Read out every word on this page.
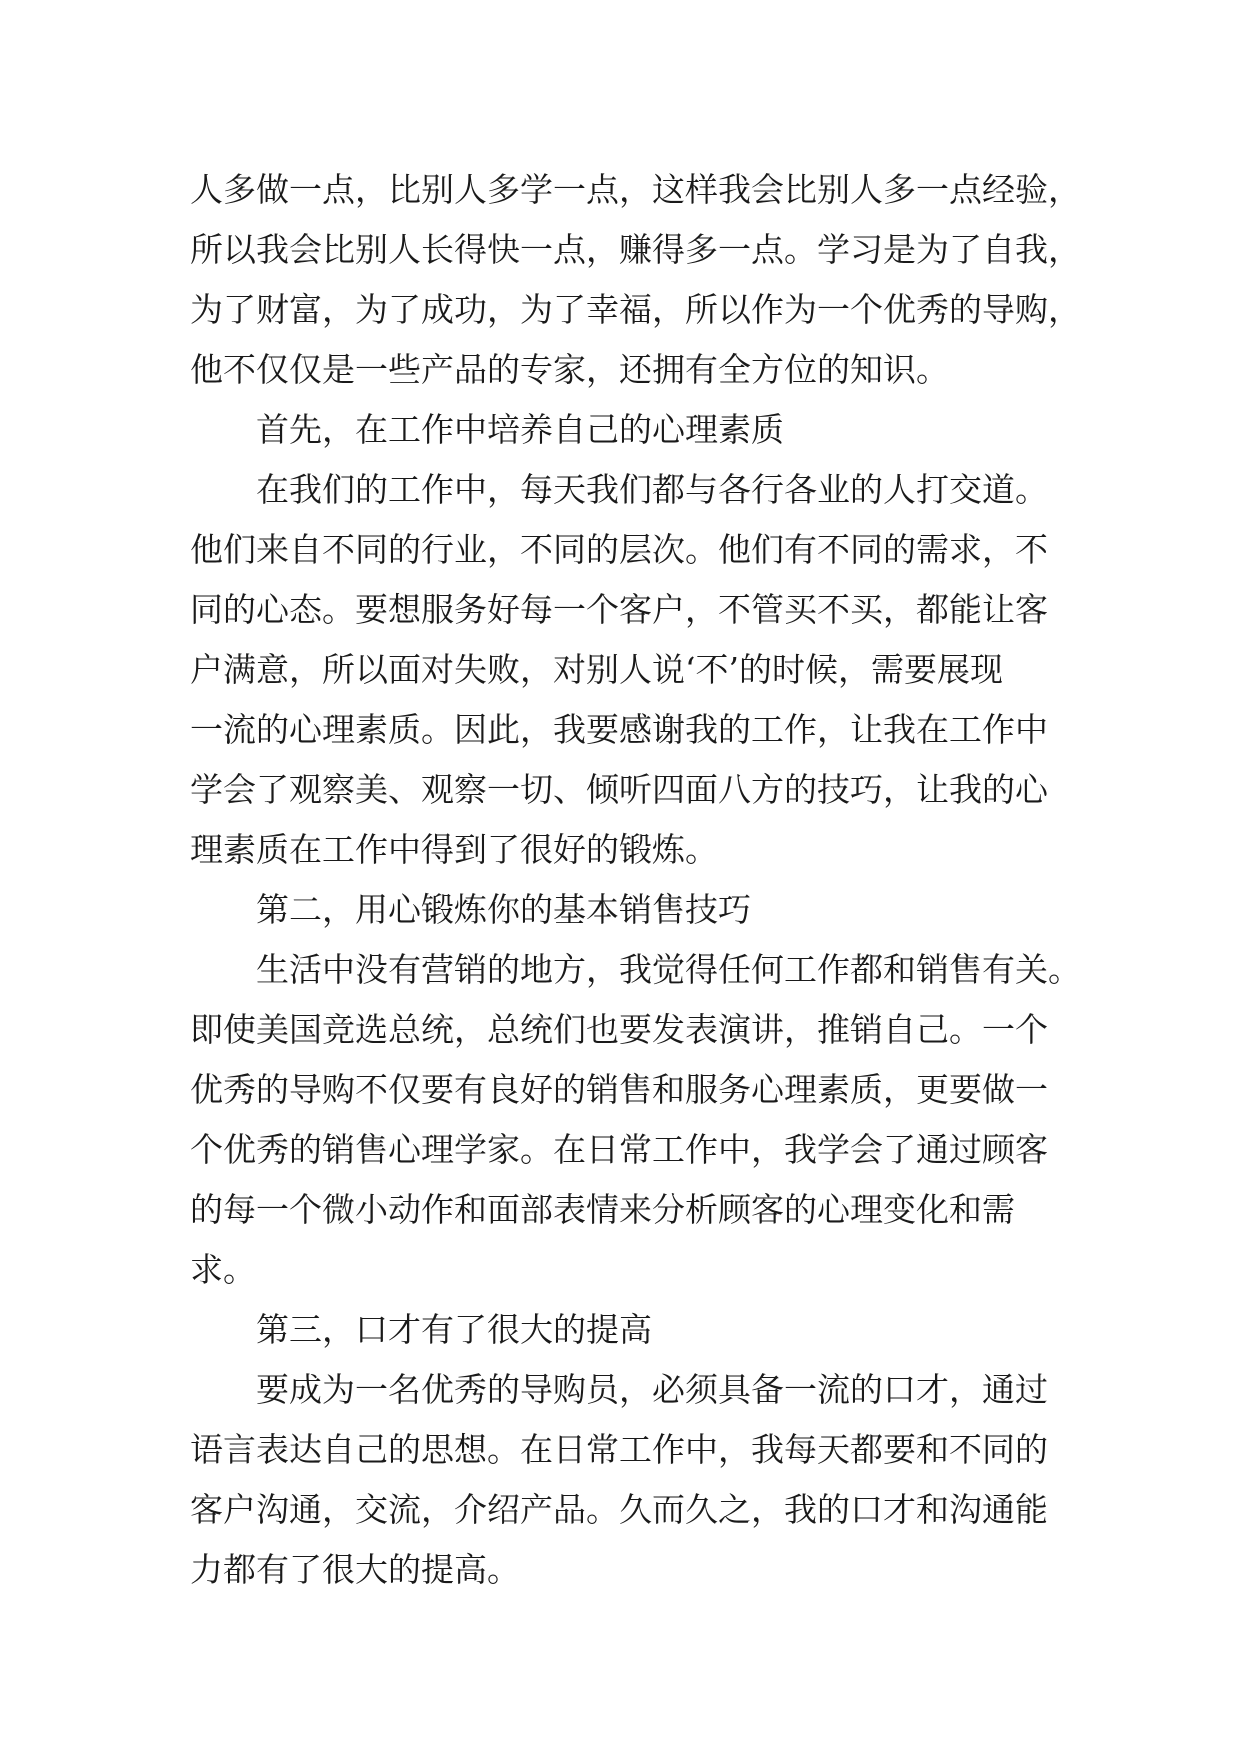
人多做一点，比别人多学一点，这样我会比别人多一点经验，
所以我会比别人长得快一点，赚得多一点。学习是为了自我，
为了财富，为了成功，为了幸福，所以作为一个优秀的导购，
他不仅仅是一些产品的专家，还拥有全方位的知识。
首先，在工作中培养自己的心理素质
在我们的工作中，每天我们都与各行各业的人打交道。
他们来自不同的行业，不同的层次。他们有不同的需求，不
同的心态。要想服务好每一个客户，不管买不买，都能让客
户满意，所以面对失败，对别人说‘不’的时候，需要展现
一流的心理素质。因此，我要感谢我的工作，让我在工作中
学会了观察美、观察一切、倾听四面八方的技巧，让我的心
理素质在工作中得到了很好的锻炼。
第二，用心锻炼你的基本销售技巧
生活中没有营销的地方，我觉得任何工作都和销售有关。
即使美国竞选总统，总统们也要发表演讲，推销自己。一个
优秀的导购不仅要有良好的销售和服务心理素质，更要做一
个优秀的销售心理学家。在日常工作中，我学会了通过顾客
的每一个微小动作和面部表情来分析顾客的心理变化和需
求。
第三，口才有了很大的提高
要成为一名优秀的导购员，必须具备一流的口才，通过
语言表达自己的思想。在日常工作中，我每天都要和不同的
客户沟通，交流，介绍产品。久而久之，我的口才和沟通能
力都有了很大的提高。
